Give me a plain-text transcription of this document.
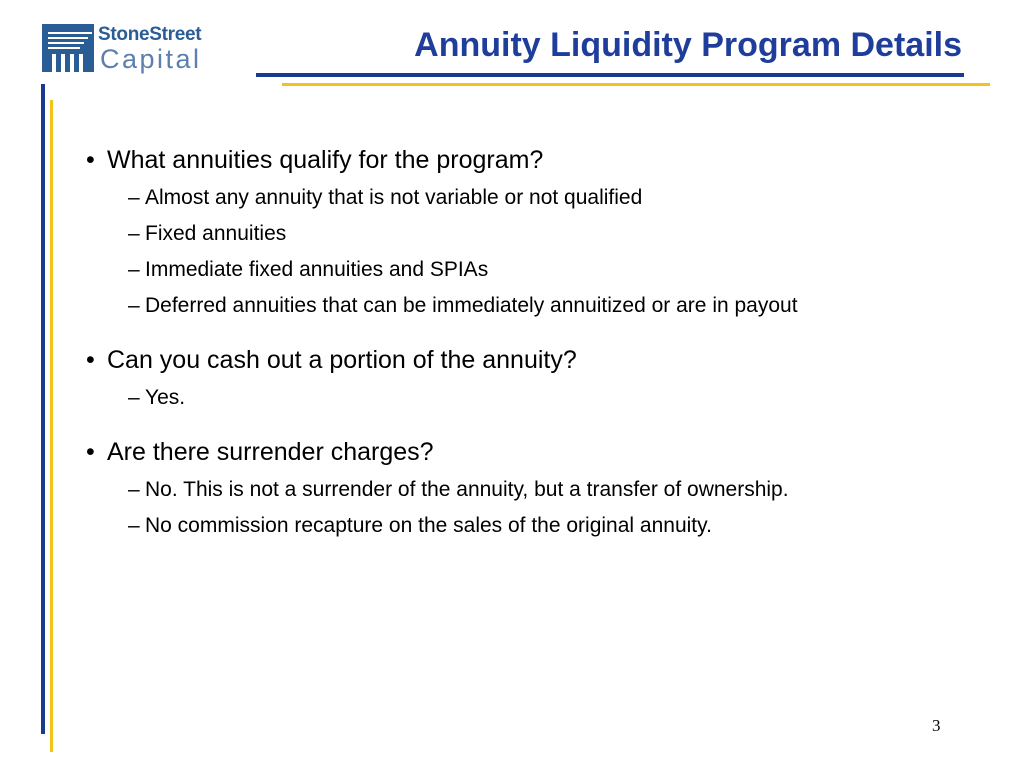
StoneStreet
Capital	Annuity Liquidity Program Details
• What annuities qualify for the program?
– Almost any annuity that is not variable or not qualified
– Fixed annuities
– Immediate fixed annuities and SPIAs
– Deferred annuities that can be immediately annuitized or are in payout
• Can you cash out a portion of the annuity?
– Yes.
• Are there surrender charges?
– No. This is not a surrender of the annuity, but a transfer of ownership.
– No commission recapture on the sales of the original annuity.
3
